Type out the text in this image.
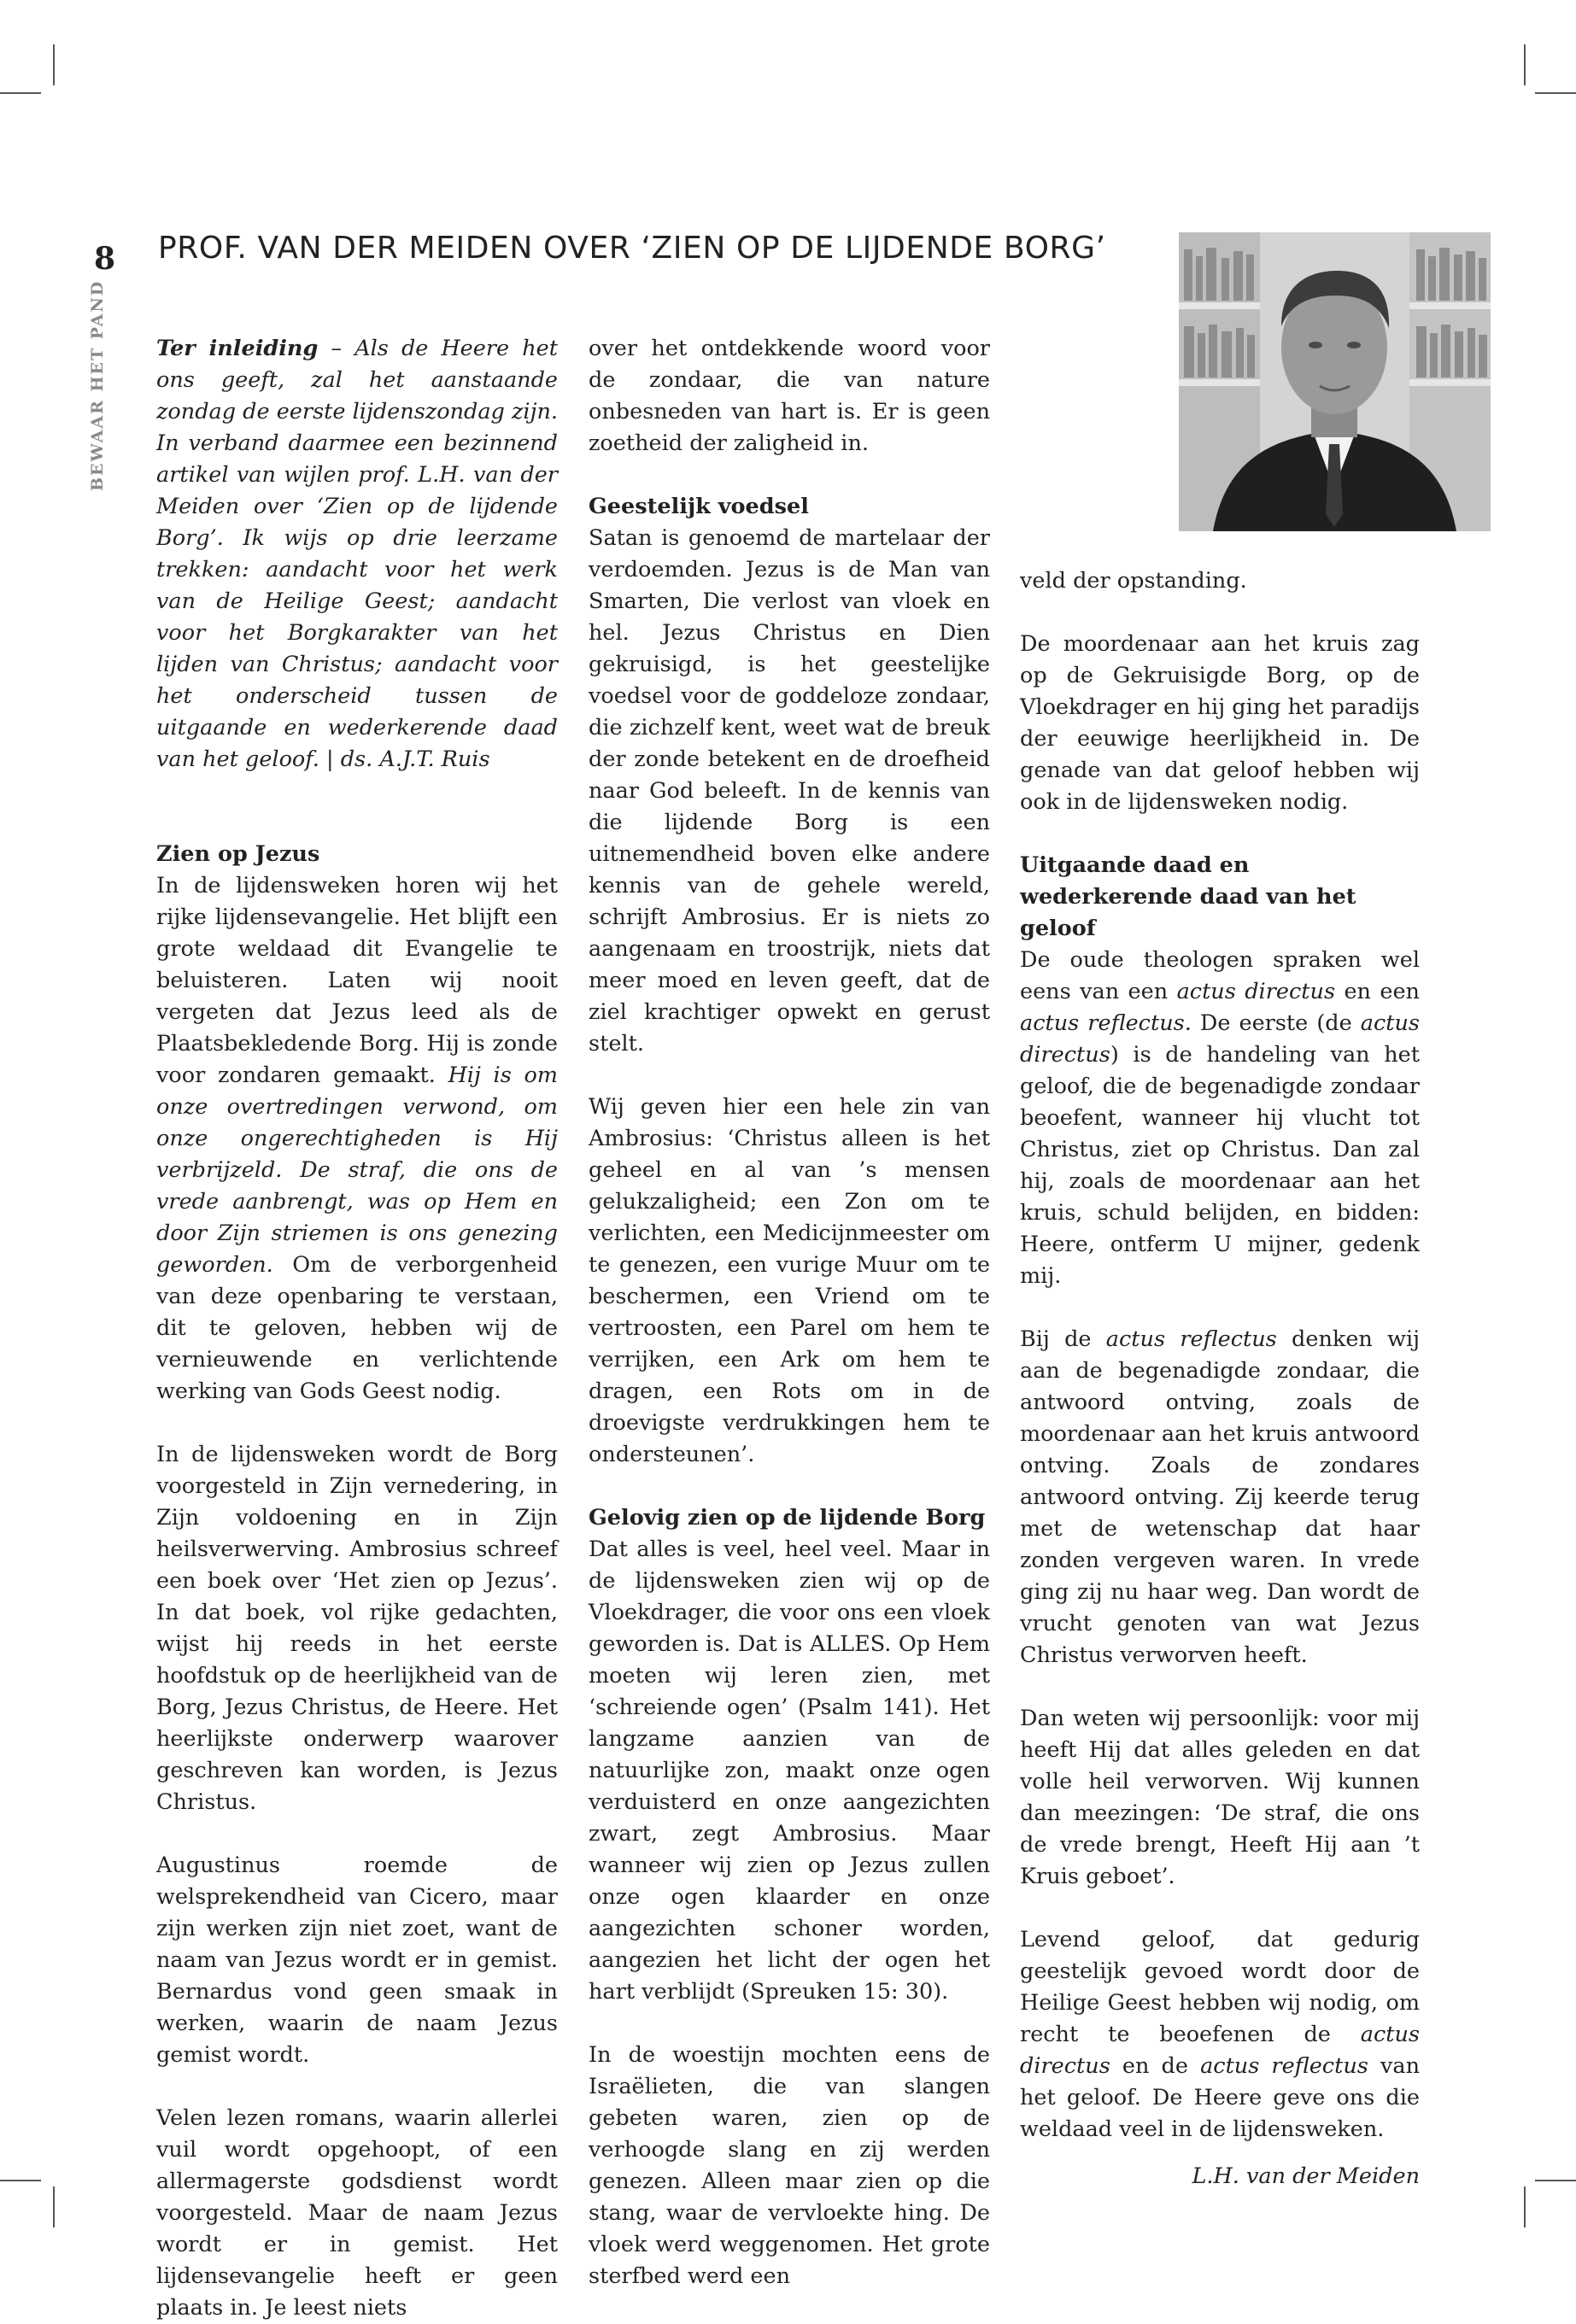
8
BEWAAR HET PAND
PROF. VAN DER MEIDEN OVER ‘ZIEN OP DE LIJDENDE BORG’

Ter inleiding – Als de Heere het ons geeft, zal het aanstaande zondag de eerste lijdenszondag zijn. In verband daarmee een bezinnend artikel van wijlen prof. L.H. van der Meiden over ‘Zien op de lijdende Borg’. Ik wijs op drie leerzame trekken: aandacht voor het werk van de Heilige Geest; aandacht voor het Borgkarakter van het lijden van Christus; aandacht voor het onderscheid tussen de uitgaande en wederkerende daad van het geloof. | ds. A.J.T. Ruis

Zien op Jezus

In de lijdensweken horen wij het rijke lijdensevangelie. Het blijft een grote weldaad dit Evangelie te beluisteren. Laten wij nooit vergeten dat Jezus leed als de Plaatsbekledende Borg. Hij is zonde voor zondaren gemaakt. Hij is om onze overtredingen verwond, om onze ongerechtigheden is Hij verbrijzeld. De straf, die ons de vrede aanbrengt, was op Hem en door Zijn striemen is ons genezing geworden. Om de verborgenheid van deze openbaring te verstaan, dit te geloven, hebben wij de vernieuwende en verlichtende werking van Gods Geest nodig.

In de lijdensweken wordt de Borg voorgesteld in Zijn vernedering, in Zijn voldoening en in Zijn heilsverwerving. Ambrosius schreef een boek over ‘Het zien op Jezus’. In dat boek, vol rijke gedachten, wijst hij reeds in het eerste hoofdstuk op de heerlijkheid van de Borg, Jezus Christus, de Heere. Het heerlijkste onderwerp waarover geschreven kan worden, is Jezus Christus.

Augustinus roemde de welsprekendheid van Cicero, maar zijn werken zijn niet zoet, want de naam van Jezus wordt er in gemist. Bernardus vond geen smaak in werken, waarin de naam Jezus gemist wordt.

Velen lezen romans, waarin allerlei vuil wordt opgehoopt, of een allermagerste godsdienst wordt voorgesteld. Maar de naam Jezus wordt er in gemist. Het lijdensevangelie heeft er geen plaats in. Je leest niets

over het ontdekkende woord voor de zondaar, die van nature onbesneden van hart is. Er is geen zoetheid der zaligheid in.

Geestelijk voedsel

Satan is genoemd de martelaar der verdoemden. Jezus is de Man van Smarten, Die verlost van vloek en hel. Jezus Christus en Dien gekruisigd, is het geestelijke voedsel voor de goddeloze zondaar, die zichzelf kent, weet wat de breuk der zonde betekent en de droefheid naar God beleeft. In de kennis van die lijdende Borg is een uitnemendheid boven elke andere kennis van de gehele wereld, schrijft Ambrosius. Er is niets zo aangenaam en troostrijk, niets dat meer moed en leven geeft, dat de ziel krachtiger opwekt en gerust stelt.

Wij geven hier een hele zin van Ambrosius: ‘Christus alleen is het geheel en al van ’s mensen gelukzaligheid; een Zon om te verlichten, een Medicijnmeester om te genezen, een vurige Muur om te beschermen, een Vriend om te vertroosten, een Parel om hem te verrijken, een Ark om hem te dragen, een Rots om in de droevigste verdrukkingen hem te ondersteunen’.

Gelovig zien op de lijdende Borg

Dat alles is veel, heel veel. Maar in de lijdensweken zien wij op de Vloekdrager, die voor ons een vloek geworden is. Dat is ALLES. Op Hem moeten wij leren zien, met ‘schreiende ogen’ (Psalm 141). Het langzame aanzien van de natuurlijke zon, maakt onze ogen verduisterd en onze aangezichten zwart, zegt Ambrosius. Maar wanneer wij zien op Jezus zullen onze ogen klaarder en onze aangezichten schoner worden, aangezien het licht der ogen het hart verblijdt (Spreuken 15: 30).

In de woestijn mochten eens de Israëlieten, die van slangen gebeten waren, zien op de verhoogde slang en zij werden genezen. Alleen maar zien op die stang, waar de vervloekte hing. De vloek werd weggenomen. Het grote sterfbed werd een

veld der opstanding.

De moordenaar aan het kruis zag op de Gekruisigde Borg, op de Vloekdrager en hij ging het paradijs der eeuwige heerlijkheid in. De genade van dat geloof hebben wij ook in de lijdensweken nodig.

Uitgaande daad en wederkerende daad van het geloof

De oude theologen spraken wel eens van een actus directus en een actus reflectus. De eerste (de actus directus) is de handeling van het geloof, die de begenadigde zondaar beoefent, wanneer hij vlucht tot Christus, ziet op Christus. Dan zal hij, zoals de moordenaar aan het kruis, schuld belijden, en bidden: Heere, ontferm U mijner, gedenk mij.

Bij de actus reflectus denken wij aan de begenadigde zondaar, die antwoord ontving, zoals de moordenaar aan het kruis antwoord ontving. Zoals de zondares antwoord ontving. Zij keerde terug met de wetenschap dat haar zonden vergeven waren. In vrede ging zij nu haar weg. Dan wordt de vrucht genoten van wat Jezus Christus verworven heeft.

Dan weten wij persoonlijk: voor mij heeft Hij dat alles geleden en dat volle heil verworven. Wij kunnen dan meezingen: ‘De straf, die ons de vrede brengt, Heeft Hij aan ’t Kruis geboet’.

Levend geloof, dat gedurig geestelijk gevoed wordt door de Heilige Geest hebben wij nodig, om recht te beoefenen de actus directus en de actus reflectus van het geloof. De Heere geve ons die weldaad veel in de lijdensweken.

L.H. van der Meiden
